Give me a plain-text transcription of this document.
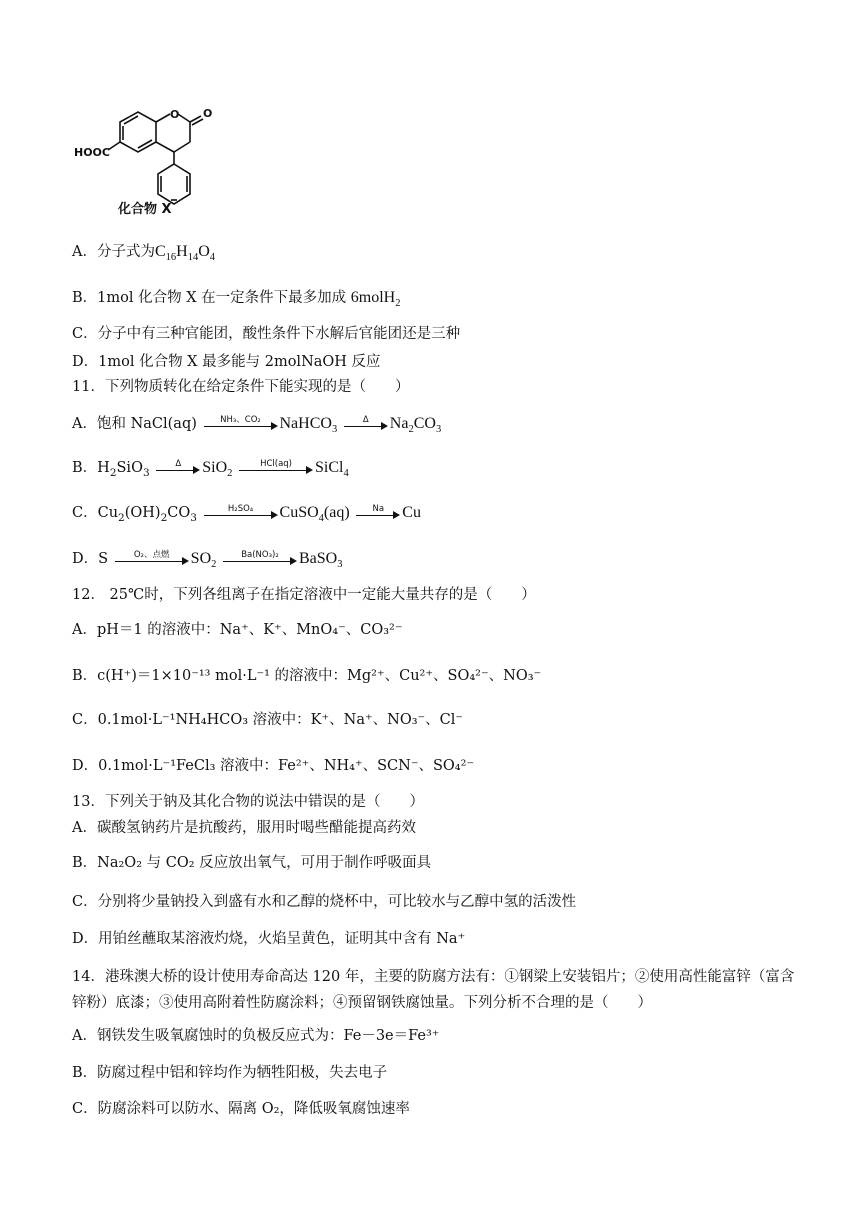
O O
HOOC
化合物 X
A．分子式为$C_{16}H_{14}O_4$
B．1mol 化合物 X 在一定条件下最多加成 6molH$_2$
C．分子中有三种官能团，酸性条件下水解后官能团还是三种
D．1mol 化合物 X 最多能与 2molNaOH 反应
11．下列物质转化在给定条件下能实现的是（　　）
A．饱和 NaCl(aq)	NH₃、CO₂	NaHCO$_3$
Δ	$Na_2CO_3$
B．$H_2SiO_3$
Δ	SiO$_2$
HCl(aq)	SiCl$_4$
C．$Cu_2(OH)_2CO_3$
H₂SO₄	CuSO$_4$(aq)	Na	Cu
D．S	O₂、点燃	$SO_2$
Ba(NO₃)₂	BaSO$_3$
12． 25℃时，下列各组离子在指定溶液中一定能大量共存的是（　　）
A．pH＝1 的溶液中：Na⁺、K⁺、MnO₄⁻、CO₃²⁻
B．c(H⁺)＝1×10⁻¹³ mol·L⁻¹ 的溶液中：Mg²⁺、Cu²⁺、SO₄²⁻、NO₃⁻
C．0.1mol·L⁻¹NH₄HCO₃ 溶液中：K⁺、Na⁺、NO₃⁻、Cl⁻
D．0.1mol·L⁻¹FeCl₃ 溶液中：Fe²⁺、NH₄⁺、SCN⁻、SO₄²⁻
13．下列关于钠及其化合物的说法中错误的是（　　）
A．碳酸氢钠药片是抗酸药，服用时喝些醋能提高药效
B．Na₂O₂ 与 CO₂ 反应放出氧气，可用于制作呼吸面具
C．分别将少量钠投入到盛有水和乙醇的烧杯中，可比较水与乙醇中氢的活泼性
D．用铂丝蘸取某溶液灼烧，火焰呈黄色，证明其中含有 Na⁺
14．港珠澳大桥的设计使用寿命高达 120 年，主要的防腐方法有：①钢梁上安装铝片；②使用高性能富锌（富含锌粉）底漆；③使用高附着性防腐涂料；④预留钢铁腐蚀量。下列分析不合理的是（　　）
A．钢铁发生吸氧腐蚀时的负极反应式为：Fe－3e＝Fe³⁺
B．防腐过程中铝和锌均作为牺牲阳极，失去电子
C．防腐涂料可以防水、隔离 O₂，降低吸氧腐蚀速率
